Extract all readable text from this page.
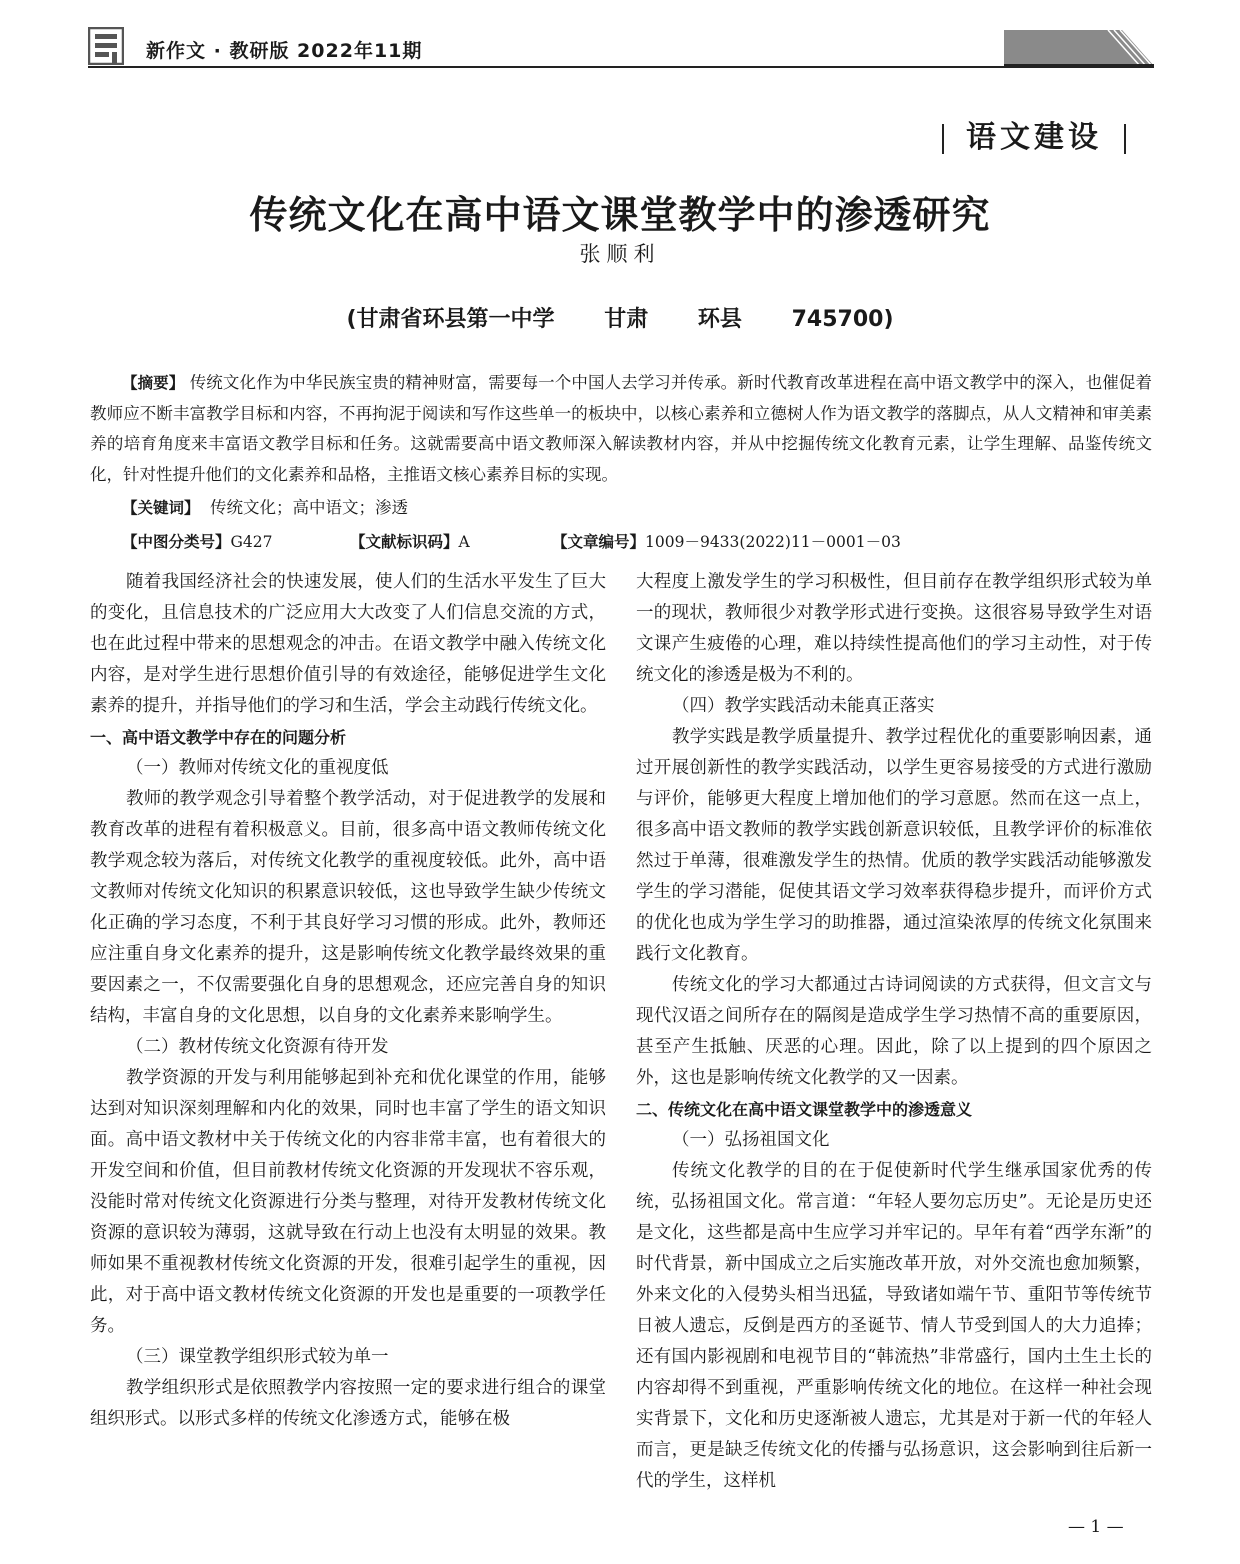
新作文 · 教研版 2022年11期
语文建设
传统文化在高中语文课堂教学中的渗透研究
张顺利
(甘肃省环县第一中学 甘肃 环县 745700)

【摘要】 传统文化作为中华民族宝贵的精神财富，需要每一个中国人去学习并传承。新时代教育改革进程在高中语文教学中的深入，也催促着教师应不断丰富教学目标和内容，不再拘泥于阅读和写作这些单一的板块中，以核心素养和立德树人作为语文教学的落脚点，从人文精神和审美素养的培育角度来丰富语文教学目标和任务。这就需要高中语文教师深入解读教材内容，并从中挖掘传统文化教育元素，让学生理解、品鉴传统文化，针对性提升他们的文化素养和品格，主推语文核心素养目标的实现。

【关键词】 传统文化；高中语文；渗透
【中图分类号】G427	【文献标识码】A	【文章编号】1009－9433(2022)11－0001－03

随着我国经济社会的快速发展，使人们的生活水平发生了巨大的变化，且信息技术的广泛应用大大改变了人们信息交流的方式，也在此过程中带来的思想观念的冲击。在语文教学中融入传统文化内容，是对学生进行思想价值引导的有效途径，能够促进学生文化素养的提升，并指导他们的学习和生活，学会主动践行传统文化。

一、高中语文教学中存在的问题分析

（一）教师对传统文化的重视度低

教师的教学观念引导着整个教学活动，对于促进教学的发展和教育改革的进程有着积极意义。目前，很多高中语文教师传统文化教学观念较为落后，对传统文化教学的重视度较低。此外，高中语文教师对传统文化知识的积累意识较低，这也导致学生缺少传统文化正确的学习态度，不利于其良好学习习惯的形成。此外，教师还应注重自身文化素养的提升，这是影响传统文化教学最终效果的重要因素之一，不仅需要强化自身的思想观念，还应完善自身的知识结构，丰富自身的文化思想，以自身的文化素养来影响学生。

（二）教材传统文化资源有待开发

教学资源的开发与利用能够起到补充和优化课堂的作用，能够达到对知识深刻理解和内化的效果，同时也丰富了学生的语文知识面。高中语文教材中关于传统文化的内容非常丰富，也有着很大的开发空间和价值，但目前教材传统文化资源的开发现状不容乐观，没能时常对传统文化资源进行分类与整理，对待开发教材传统文化资源的意识较为薄弱，这就导致在行动上也没有太明显的效果。教师如果不重视教材传统文化资源的开发，很难引起学生的重视，因此，对于高中语文教材传统文化资源的开发也是重要的一项教学任务。

（三）课堂教学组织形式较为单一

教学组织形式是依照教学内容按照一定的要求进行组合的课堂组织形式。以形式多样的传统文化渗透方式，能够在极

大程度上激发学生的学习积极性，但目前存在教学组织形式较为单一的现状，教师很少对教学形式进行变换。这很容易导致学生对语文课产生疲倦的心理，难以持续性提高他们的学习主动性，对于传统文化的渗透是极为不利的。

（四）教学实践活动未能真正落实

教学实践是教学质量提升、教学过程优化的重要影响因素，通过开展创新性的教学实践活动，以学生更容易接受的方式进行激励与评价，能够更大程度上增加他们的学习意愿。然而在这一点上，很多高中语文教师的教学实践创新意识较低，且教学评价的标准依然过于单薄，很难激发学生的热情。优质的教学实践活动能够激发学生的学习潜能，促使其语文学习效率获得稳步提升，而评价方式的优化也成为学生学习的助推器，通过渲染浓厚的传统文化氛围来践行文化教育。

传统文化的学习大都通过古诗词阅读的方式获得，但文言文与现代汉语之间所存在的隔阂是造成学生学习热情不高的重要原因，甚至产生抵触、厌恶的心理。因此，除了以上提到的四个原因之外，这也是影响传统文化教学的又一因素。

二、传统文化在高中语文课堂教学中的渗透意义

（一）弘扬祖国文化

传统文化教学的目的在于促使新时代学生继承国家优秀的传统，弘扬祖国文化。常言道：“年轻人要勿忘历史”。无论是历史还是文化，这些都是高中生应学习并牢记的。早年有着“西学东渐”的时代背景，新中国成立之后实施改革开放，对外交流也愈加频繁，外来文化的入侵势头相当迅猛，导致诸如端午节、重阳节等传统节日被人遗忘，反倒是西方的圣诞节、情人节受到国人的大力追捧；还有国内影视剧和电视节目的“韩流热”非常盛行，国内土生土长的内容却得不到重视，严重影响传统文化的地位。在这样一种社会现实背景下，文化和历史逐渐被人遗忘，尤其是对于新一代的年轻人而言，更是缺乏传统文化的传播与弘扬意识，这会影响到往后新一代的学生，这样机

— 1 —
